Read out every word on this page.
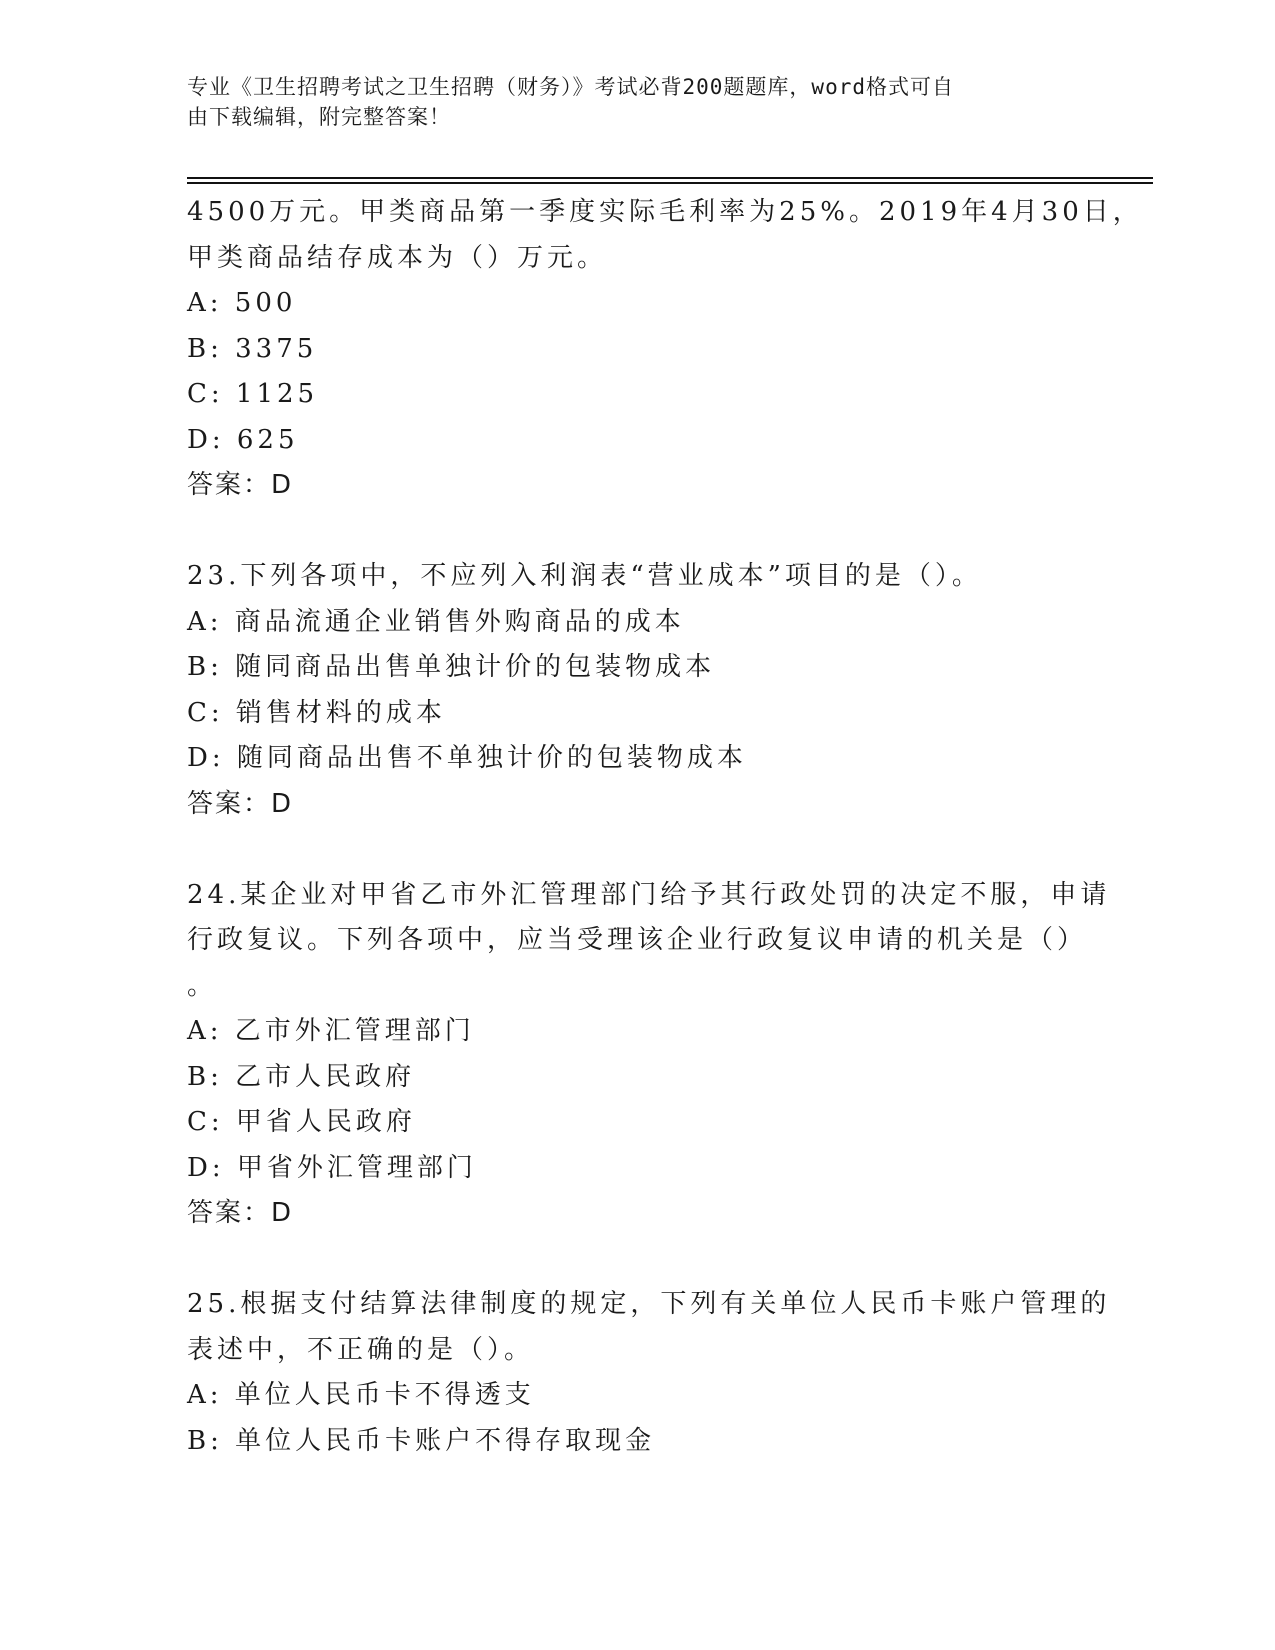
专业《卫生招聘考试之卫生招聘（财务）》考试必背200题题库，word格式可自
由下载编辑，附完整答案！
4500万元。甲类商品第一季度实际毛利率为25%。2019年4月30日，
甲类商品结存成本为（）万元。
A: 500
B: 3375
C: 1125
D: 625
答案：D
23.下列各项中，不应列入利润表“营业成本”项目的是（）。
A: 商品流通企业销售外购商品的成本
B: 随同商品出售单独计价的包装物成本
C: 销售材料的成本
D: 随同商品出售不单独计价的包装物成本
答案：D
24.某企业对甲省乙市外汇管理部门给予其行政处罚的决定不服，申请
行政复议。下列各项中，应当受理该企业行政复议申请的机关是（）
。
A: 乙市外汇管理部门
B: 乙市人民政府
C: 甲省人民政府
D: 甲省外汇管理部门
答案：D
25.根据支付结算法律制度的规定，下列有关单位人民币卡账户管理的
表述中，不正确的是（）。
A: 单位人民币卡不得透支
B: 单位人民币卡账户不得存取现金
